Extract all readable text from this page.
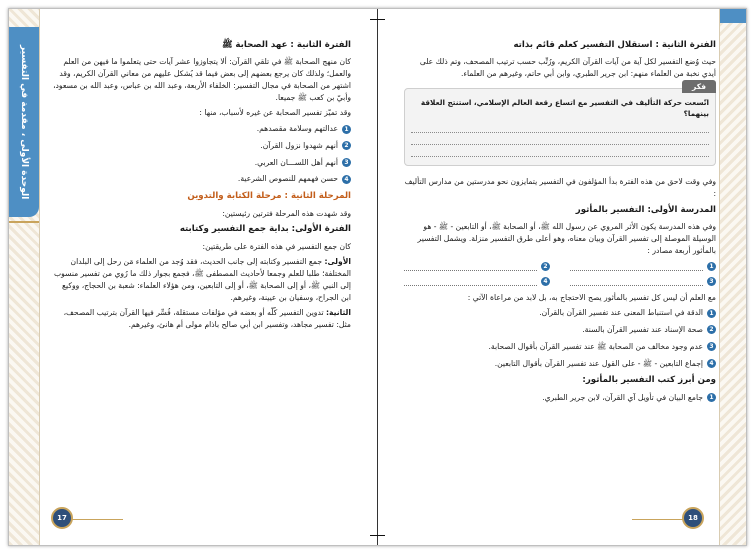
الوحدة الأولى ، مقدمة في التفسير	الفترة الثانية : عهد الصحابة ﷺ
كان منهج الصحابة ﷺ في تلقي القرآن: ألا يتجاوزوا عشر آيات حتى يتعلموا ما فيهن من العلم والعمل؛ ولذلك كان يرجع بعضهم إلى بعض فيما قد يُشكل عليهم من معاني القرآن الكريم، وقد اشتهر من الصحابة في مجال التفسير: الخلفاء الأربعة، وعبد الله بن عباس، وعبد الله بن مسعود، وأبيّ بن كعب ﷺ جميعا.
وقد تميّز تفسير الصحابة عن غيره لأسباب، منها :
1
عدالتهم وسلامة مقصدهم.
2
أنهم شهدوا نزول القرآن.
3
أنهم أهل اللســـان العربي.
4
حسن فهمهم للنصوص الشرعية.
المرحلة الثانية : مرحلة الكتابة والتدوين
وقد شهدت هذه المرحلة فترتين رئيستين:
الفترة الأولى: بداية جمع التفسير وكتابته
كان جمع التفسير في هذه الفترة على طريقتين:
الأولى: جمع التفسير وكتابته إلى جانب الحديث، فقد وُجد من العلماء مَن رحل إلى البلدان المختلفة؛ طلبا للعلم وجمعا لأحاديث المصطفى ﷺ، فجمع بجوار ذلك ما رُوي من تفسير منسوب إلى النبي ﷺ، أو إلى الصحابة ﷺ، أو إلى التابعين، ومن هؤلاء العلماء: شعبة بن الحجاج، ووكيع ابن الجراح، وسفيان بن عيينة، وغيرهم.
الثانية: تدوين التفسير كُلّه أو بعضه في مؤلفات مستقلة، فُسِّر فيها القرآن بترتيب المصحف، مثل: تفسير مجاهد، وتفسير ابن أبي صالح باذام مولى أم هانئ، وغيرهم.
17
الفترة الثانية : استقلال التفسير كعلم قائم بذاته
حيث وُضع التفسير لكل آية من آيات القرآن الكريم، ورُتِّب حسب ترتيب المصحف، وتم ذلك على أيدي نخبة من العلماء منهم: ابن جرير الطبري، وابن أبي حاتم، وغيرهم من العلماء.
فكر
اتّسعت حركة التأليف في التفسير مع اتساع رقعة العالم الإسلامي، استنتج العلاقة بينهما؟
وفي وقت لاحق من هذه الفترة بدأ المؤلفون في التفسير يتمايزون نحو مدرستين من مدارس التأليف :
المدرسة الأولى: التفسير بالمأثور
وفي هذه المدرسة يكون الأثر المروي عن رسول الله ﷺ، أو الصحابة ﷺ، أو التابعين - ﷺ - هو الوسيلة الموصلة إلى تفسير القرآن وبيان معناه، وهو أعلى طرق التفسير منزلة. ويشمل التفسير بالمأثور أربعة مصادر :
1
2
3
4
مع العلم أن ليس كل تفسير بالمأثور يصح الاحتجاج به، بل لابد من مراعاة الآتي :
1
الدقة في استنباط المعنى عند تفسير القرآن بالقرآن.
2
صحة الإسناد عند تفسير القرآن بالسنة.
3
عدم وجود مخالف من الصحابة ﷺ عند تفسير القرآن بأقوال الصحابة.
4
إجماع التابعين - ﷺ - على القول عند تفسير القرآن بأقوال التابعين.
ومن أبرز كتب التفسير بالمأثور:
1
جامع البيان في تأويل آي القرآن، لابن جرير الطبري.
18
